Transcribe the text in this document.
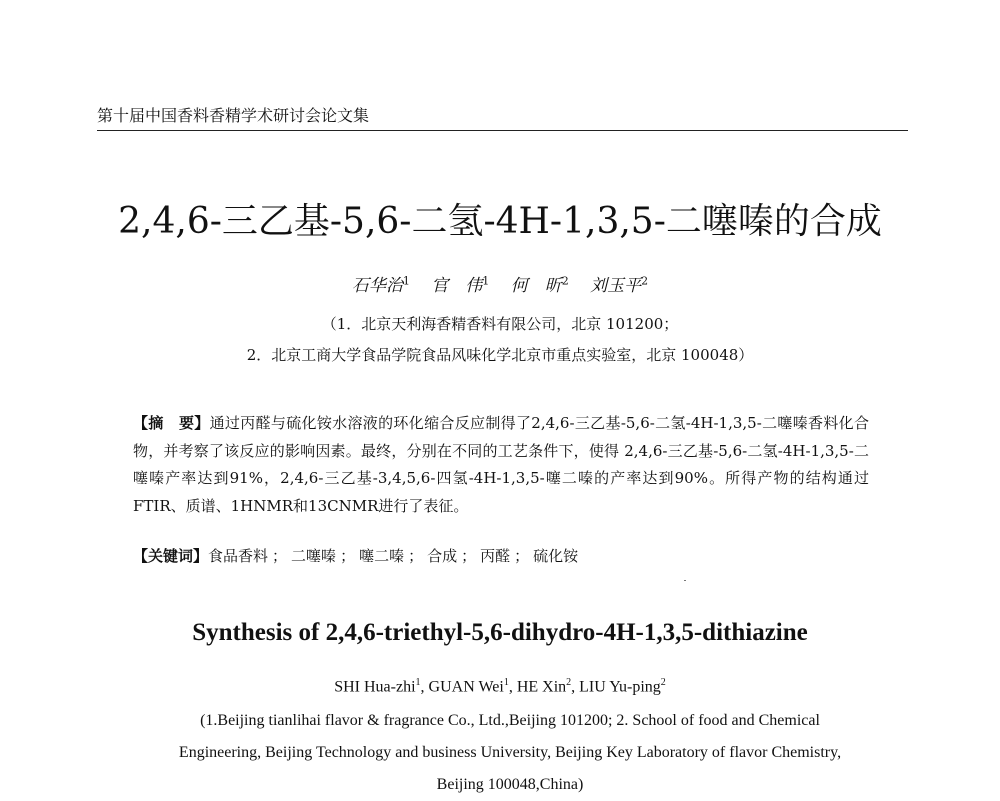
第十届中国香料香精学术研讨会论文集
2,4,6-三乙基-5,6-二氢-4H-1,3,5-二噻嗪的合成
石华治$^1$ 官　伟$^1$ 何　昕$^2$ 刘玉平$^2$
（1．北京天利海香精香料有限公司，北京 101200；
2．北京工商大学食品学院食品风味化学北京市重点实验室，北京 100048）
【摘　要】通过丙醛与硫化铵水溶液的环化缩合反应制得了2,4,6-三乙基-5,6-二氢-4H-1,3,5-二噻嗪香料化合物，并考察了该反应的影响因素。最终，分别在不同的工艺条件下，使得 2,4,6-三乙基-5,6-二氢-4H-1,3,5-二噻嗪产率达到91%，2,4,6-三乙基-3,4,5,6-四氢-4H-1,3,5-噻二嗪的产率达到90%。所得产物的结构通过FTIR、质谱、1HNMR和13CNMR进行了表征。
【关键词】食品香料 ； 二噻嗪 ； 噻二嗪 ； 合成 ； 丙醛 ； 硫化铵
Synthesis of 2,4,6-triethyl-5,6-dihydro-4H-1,3,5-dithiazine
SHI Hua-zhi$^1$, GUAN Wei$^1$, HE Xin$^2$, LIU Yu-ping$^2$
(1.Beijing tianlihai flavor & fragrance Co., Ltd.,Beijing 101200; 2. School of food and Chemical Engineering, Beijing Technology and business University, Beijing Key Laboratory of flavor Chemistry, Beijing 100048,China)
